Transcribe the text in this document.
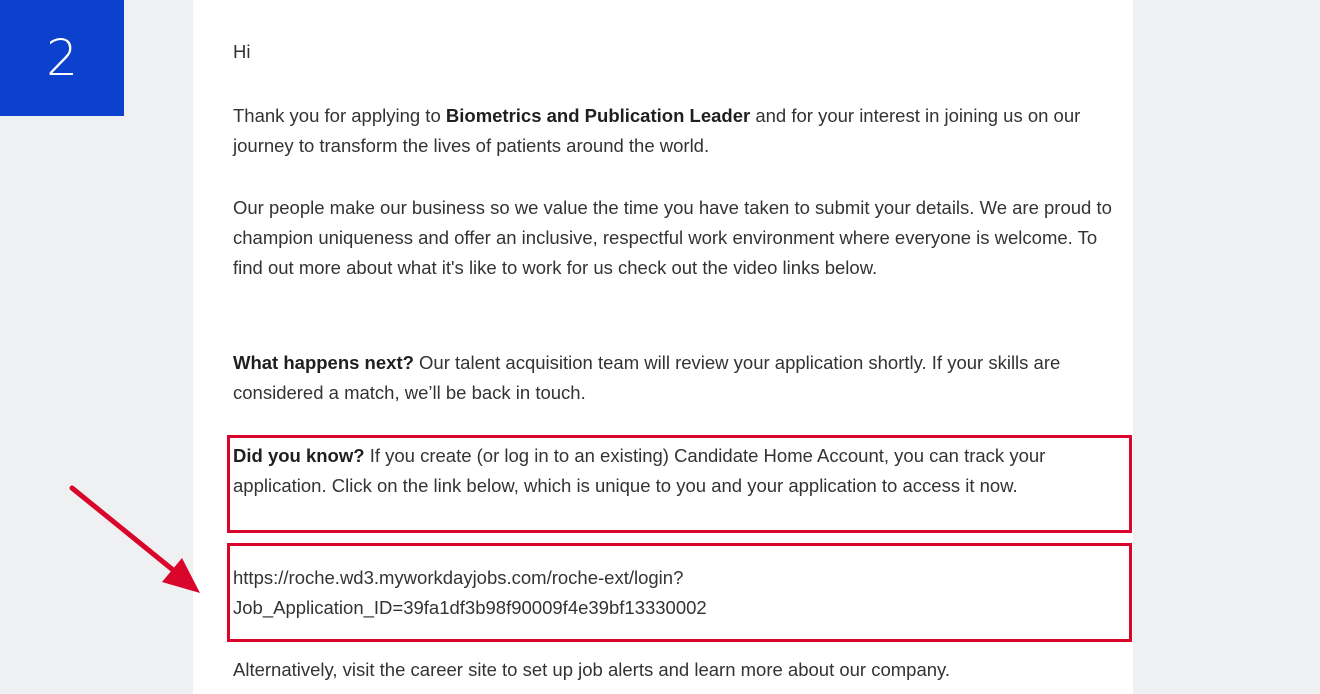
2	Hi

Thank you for applying to Biometrics and Publication Leader and for your interest in joining us on our journey to transform the lives of patients around the world.

Our people make our business so we value the time you have taken to submit your details. We are proud to champion uniqueness and offer an inclusive, respectful work environment where everyone is welcome. To find out more about what it's like to work for us check out the video links below.

What happens next? Our talent acquisition team will review your application shortly. If your skills are considered a match, we’ll be back in touch.

Did you know? If you create (or log in to an existing) Candidate Home Account, you can track your application. Click on the link below, which is unique to you and your application to access it now.

https://roche.wd3.myworkdayjobs.com/roche-ext/login?
Job_Application_ID=39fa1df3b98f90009f4e39bf13330002

Alternatively, visit the career site to set up job alerts and learn more about our company.
